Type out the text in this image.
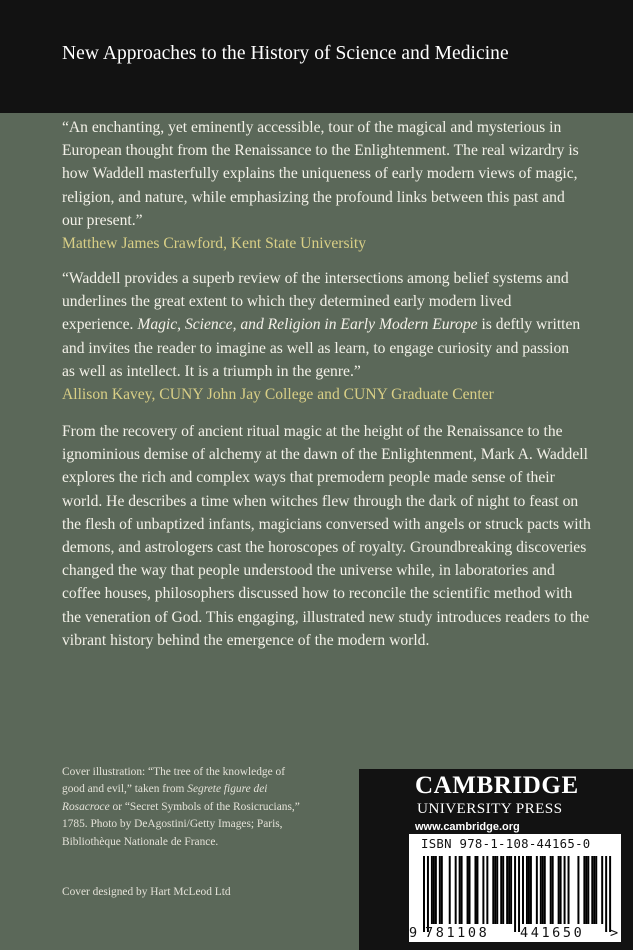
New Approaches to the History of Science and Medicine

“An enchanting, yet eminently accessible, tour of the magical and mysterious in European thought from the Renaissance to the Enlightenment. The real wizardry is how Waddell masterfully explains the uniqueness of early modern views of magic, religion, and nature, while emphasizing the profound links between this past and our present.”

Matthew James Crawford, Kent State University

“Waddell provides a superb review of the intersections among belief systems and underlines the great extent to which they determined early modern lived experience. Magic, Science, and Religion in Early Modern Europe is deftly written and invites the reader to imagine as well as learn, to engage curiosity and passion as well as intellect. It is a triumph in the genre.”

Allison Kavey, CUNY John Jay College and CUNY Graduate Center

From the recovery of ancient ritual magic at the height of the Renaissance to the ignominious demise of alchemy at the dawn of the Enlightenment, Mark A. Waddell explores the rich and complex ways that premodern people made sense of their world. He describes a time when witches flew through the dark of night to feast on the flesh of unbaptized infants, magicians conversed with angels or struck pacts with demons, and astrologers cast the horoscopes of royalty. Groundbreaking discoveries changed the way that people understood the universe while, in laboratories and coffee houses, philosophers discussed how to reconcile the scientific method with the veneration of God. This engaging, illustrated new study introduces readers to the vibrant history behind the emergence of the modern world.

Cover illustration: “The tree of the knowledge of good and evil,” taken from Segrete figure dei Rosacroce or “Secret Symbols of the Rosicrucians,” 1785. Photo by DeAgostini/Getty Images; Paris, Bibliothèque Nationale de France.
Cover designed by Hart McLeod Ltd
CAMBRIDGE
UNIVERSITY PRESS
www.cambridge.org
ISBN 978-1-108-44165-0
9 781108 441650 >
